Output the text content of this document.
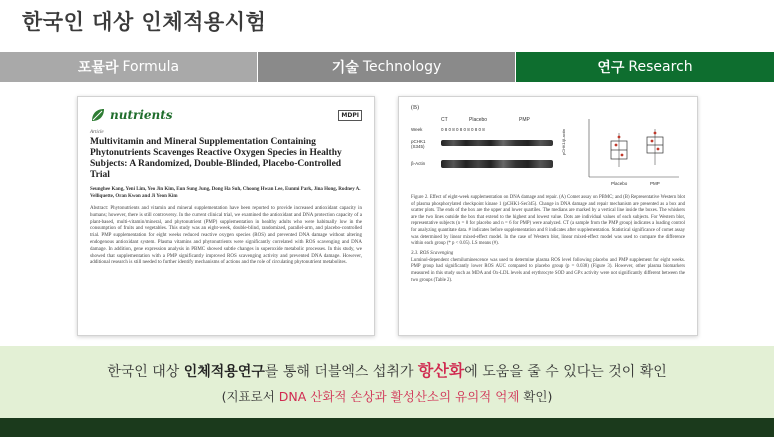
한국인 대상 인체적용시험
포뮬라 Formula	기술 Technology	연구 Research
nutrients	MDPI
Article
Multivitamin and Mineral Supplementation Containing Phytonutrients Scavenges Reactive Oxygen Species in Healthy Subjects: A Randomized, Double-Blinded, Placebo-Controlled Trial
Seunghee Kang, Yeni Lim, Yeo Jin Kim, Eun Sung Jung, Dong Ha Suh, Choong Hwan Lee, Eunmi Park, Jina Hong, Rodney A. Velliquette, Oran Kwon and Ji Yeon Kim
Abstract: Phytonutrients and vitamin and mineral supplementation have been reported to provide increased antioxidant capacity in humans; however, there is still controversy. In the current clinical trial, we examined the antioxidant and DNA protection capacity of a plant-based, multi-vitamin/mineral, and phytonutrient (PMP) supplementation in healthy adults who were habitually low in the consumption of fruits and vegetables. This study was an eight-week, double-blind, randomized, parallel-arm, and placebo-controlled trial. PMP supplementation for eight weeks reduced reactive oxygen species (ROS) and prevented DNA damage without altering endogenous antioxidant system. Plasma vitamins and phytonutrients were significantly correlated with ROS scavenging and DNA damage. In addition, gene expression analysis in PBMC showed subtle changes in superoxide metabolic processes. In this study, we showed that supplementation with a PMP significantly improved ROS scavenging activity and prevented DNA damage. However, additional research is still needed to further identify mechanisms of actions and the role of circulating phytonutrient metabolites.
(B)
CT	Placebo	PMP
Week	0 8 0 8 0 8 0 8 0 8 0 8
pCHK1 (S345)
β-Actin
pCHK1/β-actin
Placebo	PMP
Figure 2. Effect of eight-week supplementation on DNA damage and repair. (A) Comet assay on PBMC; and (B) Representative Western blot of plasma phosphorylated checkpoint kinase 1 (pCHK1-Ser345). Change in DNA damage and repair mechanism are presented as a box and scatter plots. The ends of the box are the upper and lower quartiles. The medians are marked by a vertical line inside the boxes. The whiskers are the two lines outside the box that extend to the highest and lowest value. Dots are individual values of each subjects. For Western blot, representative subjects (n = 8 for placebo and n = 6 for PMP) were analyzed. CT (a sample from the PMP group) indicates a loading control for analyzing quantitate data. # indicates before supplementation and 8 indicates after supplementation. Statistical significance of comet assay was determined by linear mixed-effect model. In the case of Western blot, linear mixed-effect model was used to compare the difference within each group (* p < 0.05). LS means (#).
3.3. ROS Scavenging
Luminol-dependent chemiluminescence was used to determine plasma ROS level following placebo and PMP supplement for eight weeks. PMP group had significantly lower ROS AUC compared to placebo group (p = 0.038) (Figure 3). However, other plasma biomarkers measured in this study such as MDA and Ox-LDL levels and erythrocyte SOD and GPx activity were not significantly different between the two groups (Table 2).
한국인 대상 인체적용연구를 통해 더블엑스 섭취가 항산화에 도움을 줄 수 있다는 것이 확인
(지표로서 DNA 산화적 손상과 활성산소의 유의적 억제 확인)
